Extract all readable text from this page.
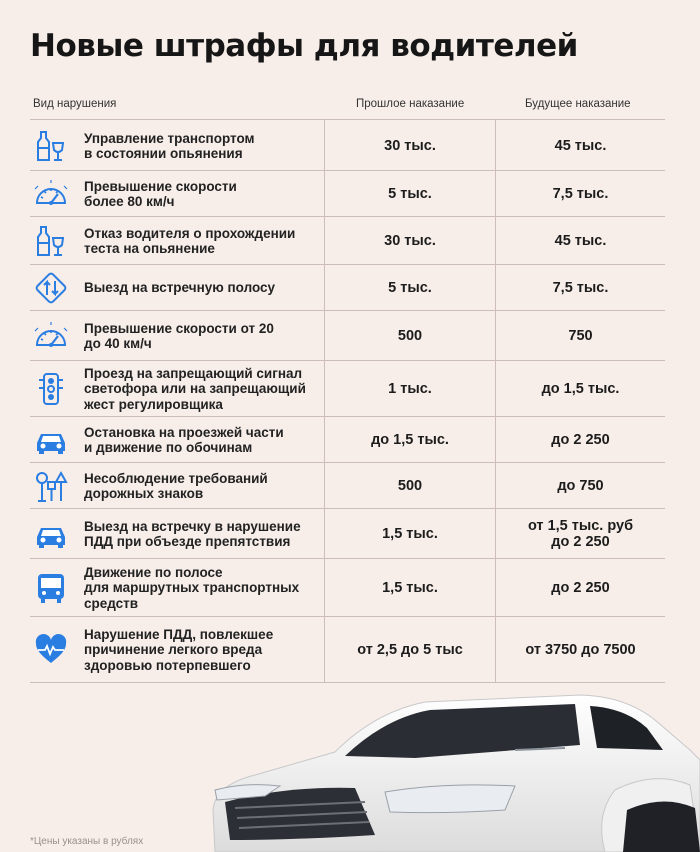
Новые штрафы для водителей
Вид нарушения	Прошлое наказание	Будущее наказание
Управление транспортом
в состоянии опьянения	30 тыс.	45 тыс.
Превышение скорости
более 80 км/ч	5 тыс.	7,5 тыс.
Отказ водителя о прохождении
теста на опьянение	30 тыс.	45 тыс.
Выезд на встречную полосу	5 тыс.	7,5 тыс.
Превышение скорости от 20
до 40 км/ч	500	750
Проезд на запрещающий сигнал
светофора или на запрещающий
жест регулировщика
1 тыс.	до 1,5 тыс.
Остановка на проезжей части
и движение по обочинам	до 1,5 тыс.	до 2 250
Несоблюдение требований
дорожных знаков	500	до 750
Выезд на встречку в нарушение
ПДД при объезде препятствия	1,5 тыс.	от 1,5 тыс. руб
до 2 250
Движение по полосе
для маршрутных транспортных
средств
1,5 тыс.	до 2 250
Нарушение ПДД, повлекшее
причинение легкого вреда
здоровью потерпевшего
от 2,5 до 5 тыс	от 3750 до 7500
*Цены указаны в рублях
